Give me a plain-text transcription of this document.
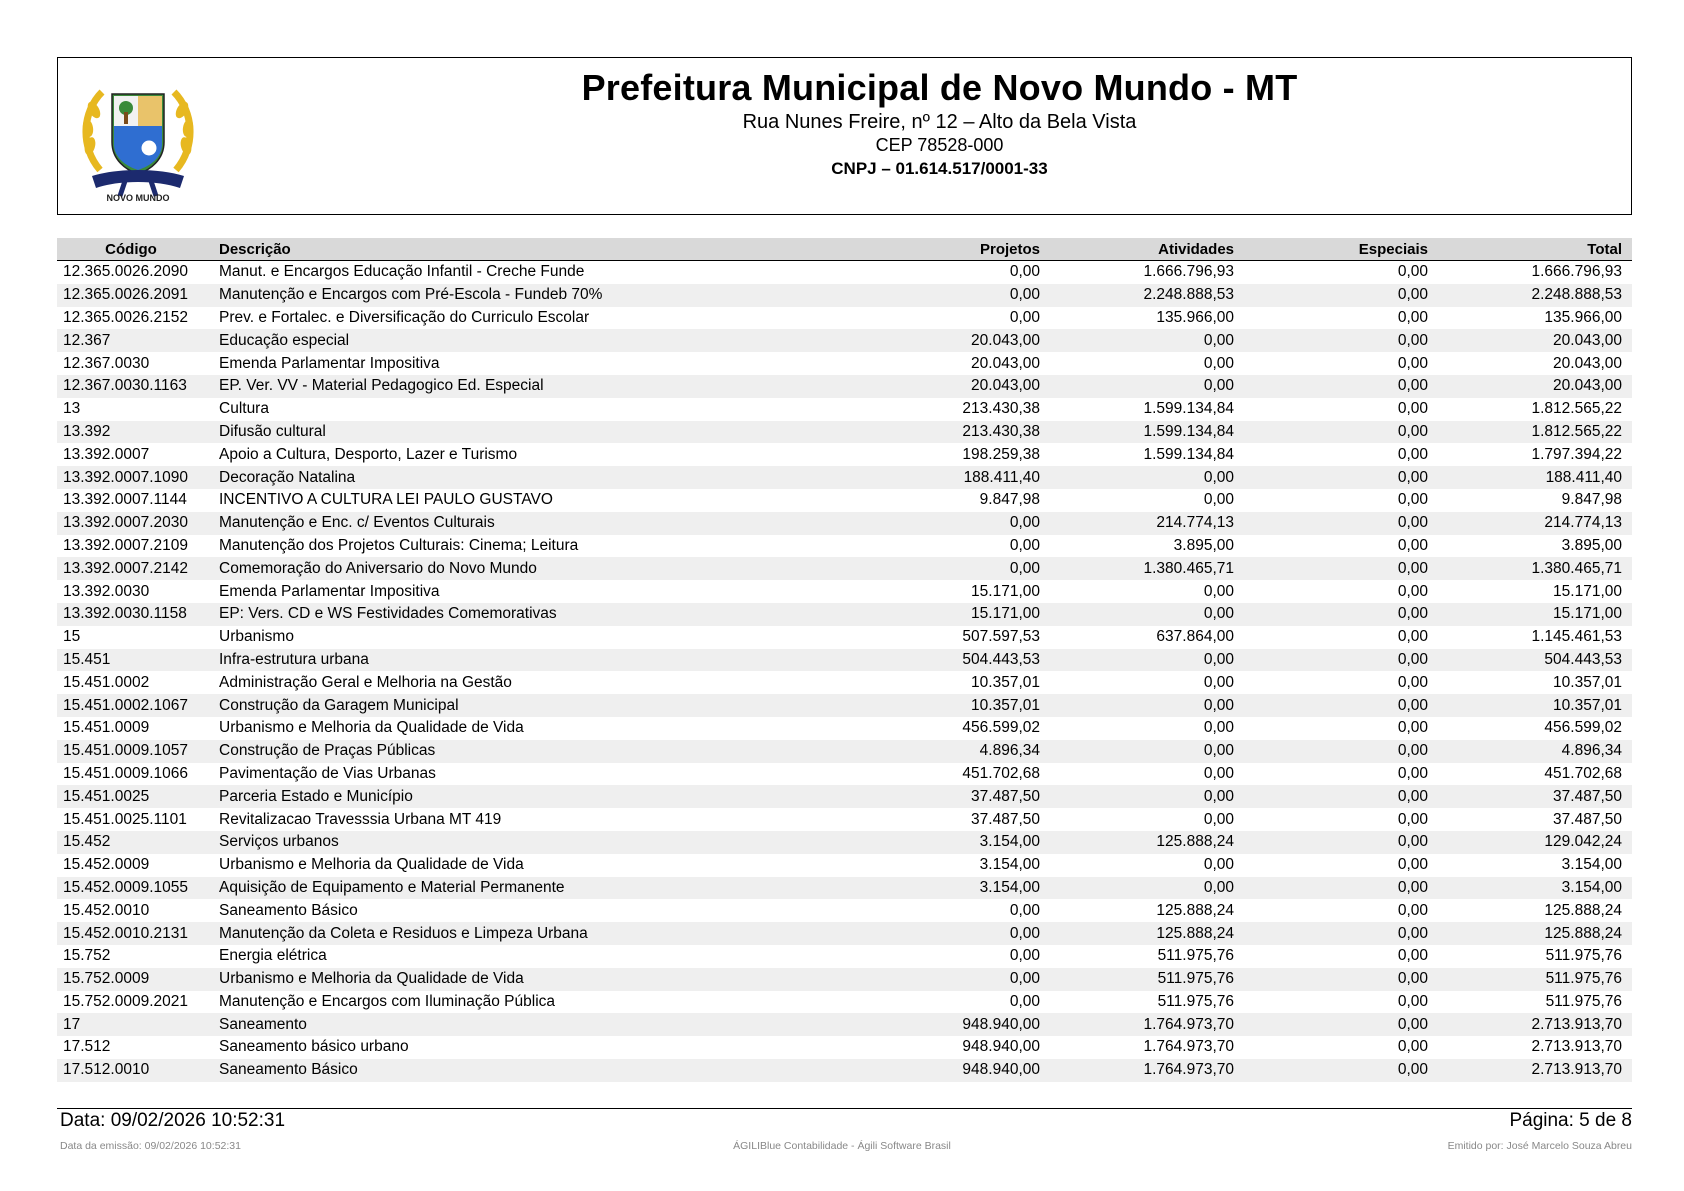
NOVO MUNDO
Prefeitura Municipal de Novo Mundo - MT
Rua Nunes Freire, nº 12 – Alto da Bela Vista
CEP 78528-000
CNPJ – 01.614.517/0001-33
Código	Descrição	Projetos	Atividades	Especiais	Total
12.365.0026.2090	Manut. e Encargos Educação Infantil - Creche Funde	0,00	1.666.796,93	0,00	1.666.796,93
12.365.0026.2091	Manutenção e Encargos com Pré-Escola - Fundeb 70%	0,00	2.248.888,53	0,00	2.248.888,53
12.365.0026.2152	Prev. e Fortalec. e Diversificação do Curriculo Escolar	0,00	135.966,00	0,00	135.966,00
12.367	Educação especial	20.043,00	0,00	0,00	20.043,00
12.367.0030	Emenda Parlamentar Impositiva	20.043,00	0,00	0,00	20.043,00
12.367.0030.1163	EP. Ver. VV - Material Pedagogico Ed. Especial	20.043,00	0,00	0,00	20.043,00
13	Cultura	213.430,38	1.599.134,84	0,00	1.812.565,22
13.392	Difusão cultural	213.430,38	1.599.134,84	0,00	1.812.565,22
13.392.0007	Apoio a Cultura, Desporto, Lazer e Turismo	198.259,38	1.599.134,84	0,00	1.797.394,22
13.392.0007.1090	Decoração Natalina	188.411,40	0,00	0,00	188.411,40
13.392.0007.1144	INCENTIVO A CULTURA LEI PAULO GUSTAVO	9.847,98	0,00	0,00	9.847,98
13.392.0007.2030	Manutenção e Enc. c/ Eventos Culturais	0,00	214.774,13	0,00	214.774,13
13.392.0007.2109	Manutenção dos Projetos Culturais: Cinema; Leitura	0,00	3.895,00	0,00	3.895,00
13.392.0007.2142	Comemoração do Aniversario do Novo Mundo	0,00	1.380.465,71	0,00	1.380.465,71
13.392.0030	Emenda Parlamentar Impositiva	15.171,00	0,00	0,00	15.171,00
13.392.0030.1158	EP: Vers. CD e WS Festividades Comemorativas	15.171,00	0,00	0,00	15.171,00
15	Urbanismo	507.597,53	637.864,00	0,00	1.145.461,53
15.451	Infra-estrutura urbana	504.443,53	0,00	0,00	504.443,53
15.451.0002	Administração Geral e Melhoria na Gestão	10.357,01	0,00	0,00	10.357,01
15.451.0002.1067	Construção da Garagem Municipal	10.357,01	0,00	0,00	10.357,01
15.451.0009	Urbanismo e Melhoria da Qualidade de Vida	456.599,02	0,00	0,00	456.599,02
15.451.0009.1057	Construção de Praças Públicas	4.896,34	0,00	0,00	4.896,34
15.451.0009.1066	Pavimentação de Vias Urbanas	451.702,68	0,00	0,00	451.702,68
15.451.0025	Parceria Estado e Município	37.487,50	0,00	0,00	37.487,50
15.451.0025.1101	Revitalizacao Travesssia Urbana MT 419	37.487,50	0,00	0,00	37.487,50
15.452	Serviços urbanos	3.154,00	125.888,24	0,00	129.042,24
15.452.0009	Urbanismo e Melhoria da Qualidade de Vida	3.154,00	0,00	0,00	3.154,00
15.452.0009.1055	Aquisição de Equipamento e Material Permanente	3.154,00	0,00	0,00	3.154,00
15.452.0010	Saneamento Básico	0,00	125.888,24	0,00	125.888,24
15.452.0010.2131	Manutenção da Coleta e Residuos e Limpeza Urbana	0,00	125.888,24	0,00	125.888,24
15.752	Energia elétrica	0,00	511.975,76	0,00	511.975,76
15.752.0009	Urbanismo e Melhoria da Qualidade de Vida	0,00	511.975,76	0,00	511.975,76
15.752.0009.2021	Manutenção e Encargos com Iluminação Pública	0,00	511.975,76	0,00	511.975,76
17	Saneamento	948.940,00	1.764.973,70	0,00	2.713.913,70
17.512	Saneamento básico urbano	948.940,00	1.764.973,70	0,00	2.713.913,70
17.512.0010	Saneamento Básico	948.940,00	1.764.973,70	0,00	2.713.913,70
Data: 09/02/2026 10:52:31	Página: 5 de 8
Data da emissão: 09/02/2026 10:52:31	ÁGILIBlue Contabilidade - Ágili Software Brasil	Emitido por: José Marcelo Souza Abreu
